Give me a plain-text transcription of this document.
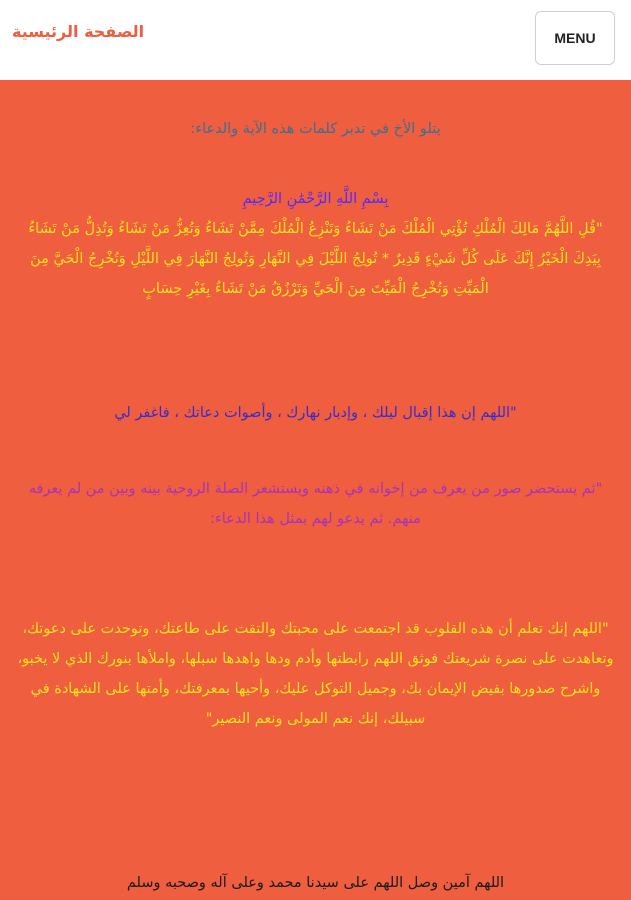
الصفحة الرئيسية	MENU
يتلو الأخ في تدبر كلمات هذه الآية والدعاء:
بِسْمِ اللَّهِ الرَّحْمَٰنِ الرَّحِيمِ
"قُلِ اللَّهُمَّ مَالِكَ الْمُلْكِ تُؤْتِي الْمُلْكَ مَنْ تَشَاءُ وَتَنْزِعُ الْمُلْكَ مِمَّنْ تَشَاءُ وَتُعِزُّ مَنْ تَشَاءُ وَتُذِلُّ مَنْ تَشَاءُ بِيَدِكَ الْخَيْرُ إِنَّكَ عَلَى كُلِّ شَيْءٍ قَدِيرٌ * تُولِجُ اللَّيْلَ فِي النَّهَارِ وَتُولِجُ النَّهَارَ فِي اللَّيْلِ وَتُخْرِجُ الْحَيَّ مِنَ الْمَيِّتِ وَتُخْرِجُ الْمَيِّتَ مِنَ الْحَيِّ وَتَرْزُقُ مَنْ تَشَاءُ بِغَيْرِ حِسَابٍ
"اللهم إن هذا إقبال ليلك ، وإدبار نهارك ، وأصوات دعاتك ، فاغفر لي
"ثم يستحضر صور من يعرف من إخوانه في ذهنه ويستشعر الصلة الروحية بينه وبين من لم يعرفه منهم. ثم يدعو لهم بمثل هذا الدعاء:
"اللهم إنك تعلم أن هذه القلوب قد اجتمعت على محبتك والتقت على طاعتك، وتوحدت على دعوتك، وتعاهدت على نصرة شريعتك فوثق اللهم رابطتها وأدم ودها واهدها سبلها، واملأها بنورك الذي لا يخبو، واشرح صدورها بفيض الإيمان بك، وجميل التوكل عليك، وأحيها بمعرفتك، وأمتها على الشهادة في سبيلك، إنك نعم المولى ونعم النصير"
اللهم آمين وصل اللهم على سيدنا محمد وعلى آله وصحبه وسلم
